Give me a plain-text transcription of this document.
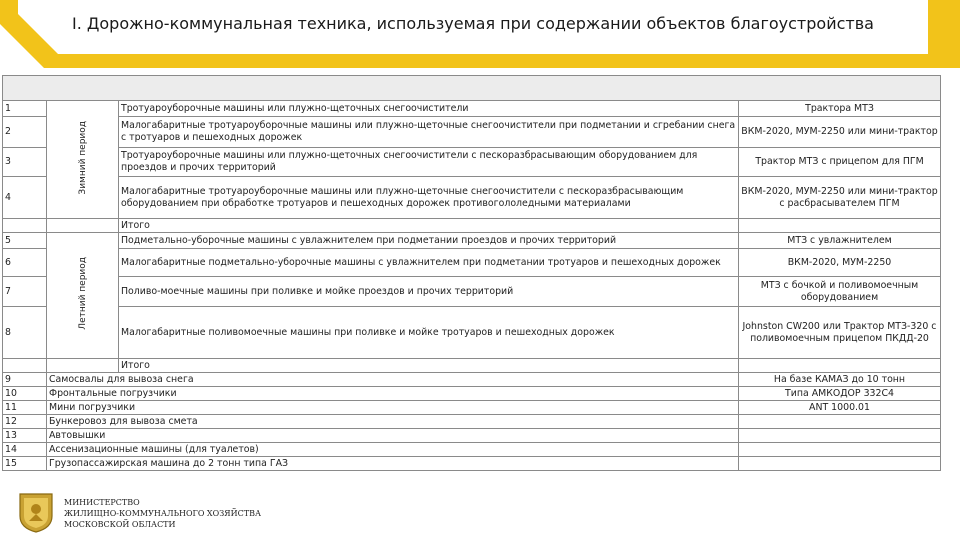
I. Дорожно-коммунальная техника, используемая при содержании объектов благоустройства

1	Зимний период	Тротуароуборочные машины или плужно-щеточных снегоочистители	Трактора МТЗ
2		Малогабаритные тротуароуборочные машины или плужно-щеточные снегоочистители при подметании и сгребании снега с тротуаров и пешеходных дорожек	ВКМ-2020, МУМ-2250 или мини-трактор
3		Тротуароуборочные машины или плужно-щеточных снегоочистители с пескоразбрасывающим оборудованием для проездов и прочих территорий	Трактор МТЗ с прицепом для ПГМ
4		Малогабаритные тротуароуборочные машины или плужно-щеточные снегоочистители с пескоразбрасывающим оборудованием при обработке тротуаров и пешеходных дорожек противогололедными материалами	ВКМ-2020, МУМ-2250 или мини-трактор с расбрасывателем ПГМ
		Итого	
5	Летний период	Подметально-уборочные машины с увлажнителем при подметании проездов и прочих территорий	МТЗ с увлажнителем
6		Малогабаритные подметально-уборочные машины с увлажнителем при подметании тротуаров и пешеходных дорожек	ВКМ-2020, МУМ-2250
7		Поливо-моечные машины при поливке и мойке проездов и прочих территорий	МТЗ с бочкой и поливомоечным оборудованием
8		Малогабаритные поливомоечные машины при поливке и мойке тротуаров и пешеходных дорожек	Johnston CW200 или Трактор МТЗ-320 с поливомоечным прицепом ПКДД-20
		Итого	
9	Самосвалы для вывоза снега		На базе КАМАЗ до 10 тонн
10	Фронтальные погрузчики		Типа АМКОДОР 332С4
11	Мини погрузчики		ANT 1000.01
12	Бункеровоз для вывоза смета		
13	Автовышки		
14	Ассенизационные машины (для туалетов)		
15	Грузопассажирская машина до 2 тонн типа ГАЗ		
МИНИСТЕРСТВО
ЖИЛИЩНО-КОММУНАЛЬНОГО ХОЗЯЙСТВА
МОСКОВСКОЙ ОБЛАСТИ
